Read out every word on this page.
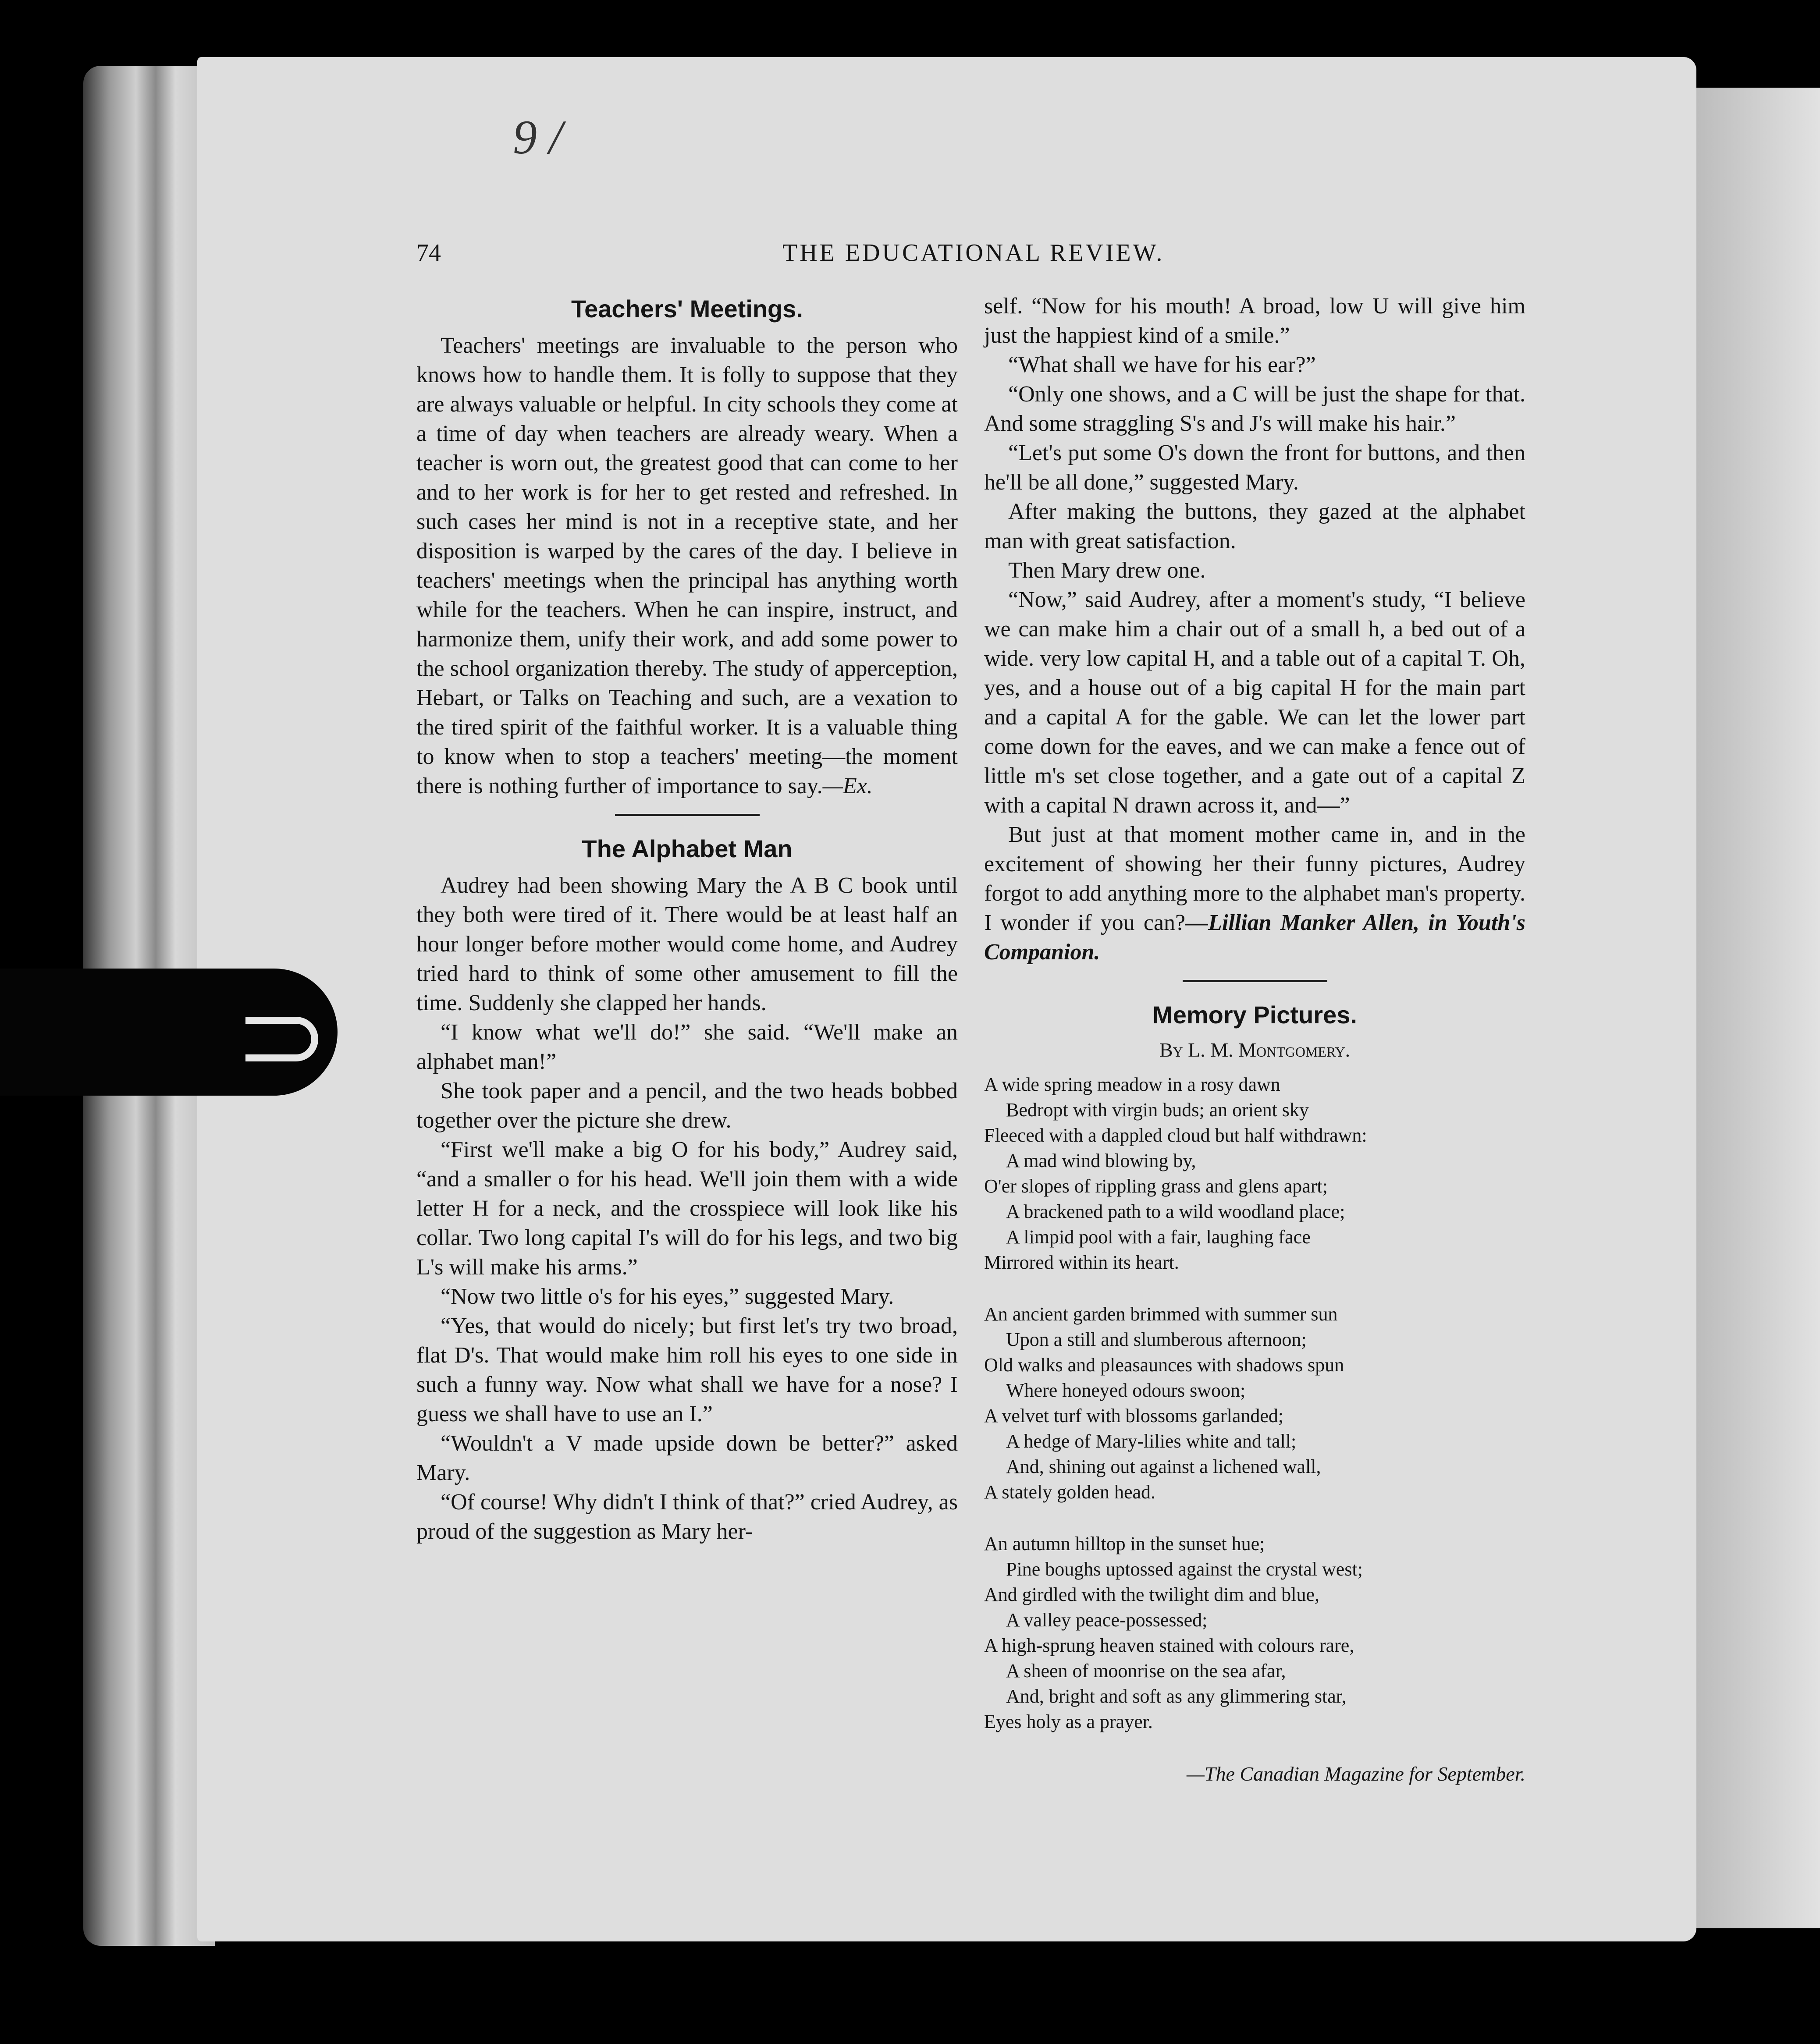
9 /
74	THE EDUCATIONAL REVIEW.
Teachers' Meetings.

Teachers' meetings are invaluable to the person who knows how to handle them. It is folly to suppose that they are always valuable or helpful. In city schools they come at a time of day when teachers are already weary. When a teacher is worn out, the greatest good that can come to her and to her work is for her to get rested and refreshed. In such cases her mind is not in a receptive state, and her disposition is warped by the cares of the day. I believe in teachers' meetings when the principal has anything worth while for the teachers. When he can inspire, instruct, and harmonize them, unify their work, and add some power to the school organization thereby. The study of apperception, Hebart, or Talks on Teaching and such, are a vexation to the tired spirit of the faithful worker. It is a valuable thing to know when to stop a teachers' meeting—the moment there is nothing further of importance to say.—Ex.

The Alphabet Man

Audrey had been showing Mary the A B C book until they both were tired of it. There would be at least half an hour longer before mother would come home, and Audrey tried hard to think of some other amusement to fill the time. Suddenly she clapped her hands.

“I know what we'll do!” she said. “We'll make an alphabet man!”

She took paper and a pencil, and the two heads bobbed together over the picture she drew.

“First we'll make a big O for his body,” Audrey said, “and a smaller o for his head. We'll join them with a wide letter H for a neck, and the crosspiece will look like his collar. Two long capital I's will do for his legs, and two big L's will make his arms.”

“Now two little o's for his eyes,” suggested Mary.

“Yes, that would do nicely; but first let's try two broad, flat D's. That would make him roll his eyes to one side in such a funny way. Now what shall we have for a nose? I guess we shall have to use an I.”

“Wouldn't a V made upside down be better?” asked Mary.

“Of course! Why didn't I think of that?” cried Audrey, as proud of the suggestion as Mary her-

self. “Now for his mouth! A broad, low U will give him just the happiest kind of a smile.”

“What shall we have for his ear?”

“Only one shows, and a C will be just the shape for that. And some straggling S's and J's will make his hair.”

“Let's put some O's down the front for buttons, and then he'll be all done,” suggested Mary.

After making the buttons, they gazed at the alphabet man with great satisfaction.

Then Mary drew one.

“Now,” said Audrey, after a moment's study, “I believe we can make him a chair out of a small h, a bed out of a wide. very low capital H, and a table out of a capital T. Oh, yes, and a house out of a big capital H for the main part and a capital A for the gable. We can let the lower part come down for the eaves, and we can make a fence out of little m's set close together, and a gate out of a capital Z with a capital N drawn across it, and—”

But just at that moment mother came in, and in the excitement of showing her their funny pictures, Audrey forgot to add anything more to the alphabet man's property. I wonder if you can?—Lillian Manker Allen, in Youth's Companion.

Memory Pictures.
By L. M. Montgomery.
A wide spring meadow in a rosy dawn
Bedropt with virgin buds; an orient sky
Fleeced with a dappled cloud but half withdrawn:
A mad wind blowing by,
O'er slopes of rippling grass and glens apart;
A brackened path to a wild woodland place;
A limpid pool with a fair, laughing face
Mirrored within its heart.
An ancient garden brimmed with summer sun
Upon a still and slumberous afternoon;
Old walks and pleasaunces with shadows spun
Where honeyed odours swoon;
A velvet turf with blossoms garlanded;
A hedge of Mary-lilies white and tall;
And, shining out against a lichened wall,
A stately golden head.
An autumn hilltop in the sunset hue;
Pine boughs uptossed against the crystal west;
And girdled with the twilight dim and blue,
A valley peace-possessed;
A high-sprung heaven stained with colours rare,
A sheen of moonrise on the sea afar,
And, bright and soft as any glimmering star,
Eyes holy as a prayer.
—The Canadian Magazine for September.
